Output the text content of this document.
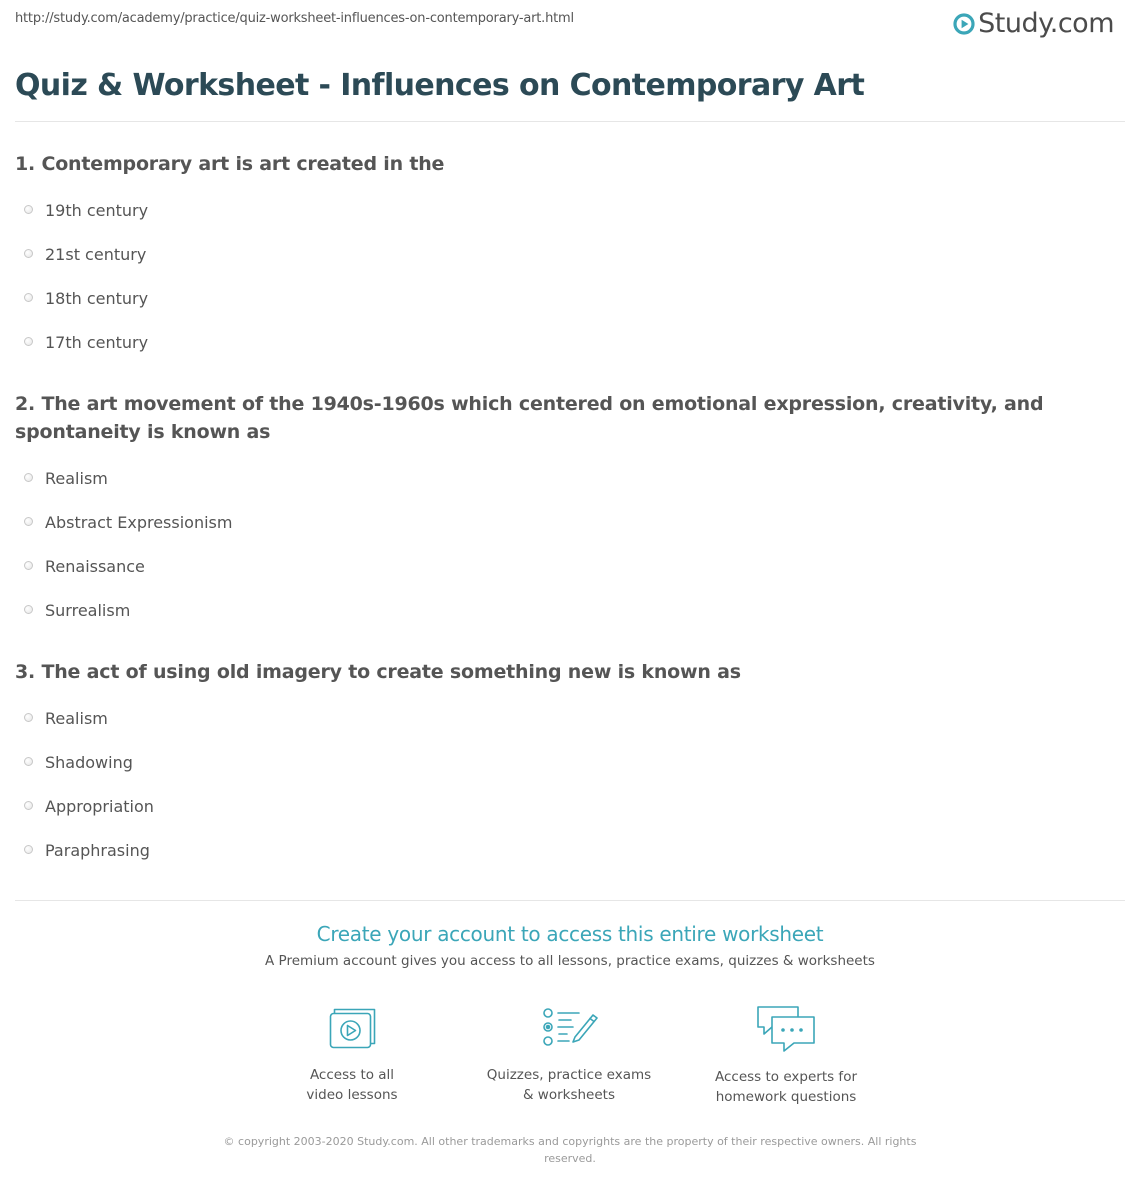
http://study.com/academy/practice/quiz-worksheet-influences-on-contemporary-art.html	Study.com
Quiz & Worksheet - Influences on Contemporary Art

1. Contemporary art is art created in the

19th century
21st century
18th century
17th century

2. The art movement of the 1940s-1960s which centered on emotional expression, creativity, and spontaneity is known as

Realism
Abstract Expressionism
Renaissance
Surrealism

3. The act of using old imagery to create something new is known as

Realism
Shadowing
Appropriation
Paraphrasing
Create your account to access this entire worksheet
A Premium account gives you access to all lessons, practice exams, quizzes & worksheets
Access to all
video lessons
Quizzes, practice exams
& worksheets
Access to experts for
homework questions
© copyright 2003-2020 Study.com. All other trademarks and copyrights are the property of their respective owners. All rights reserved.
